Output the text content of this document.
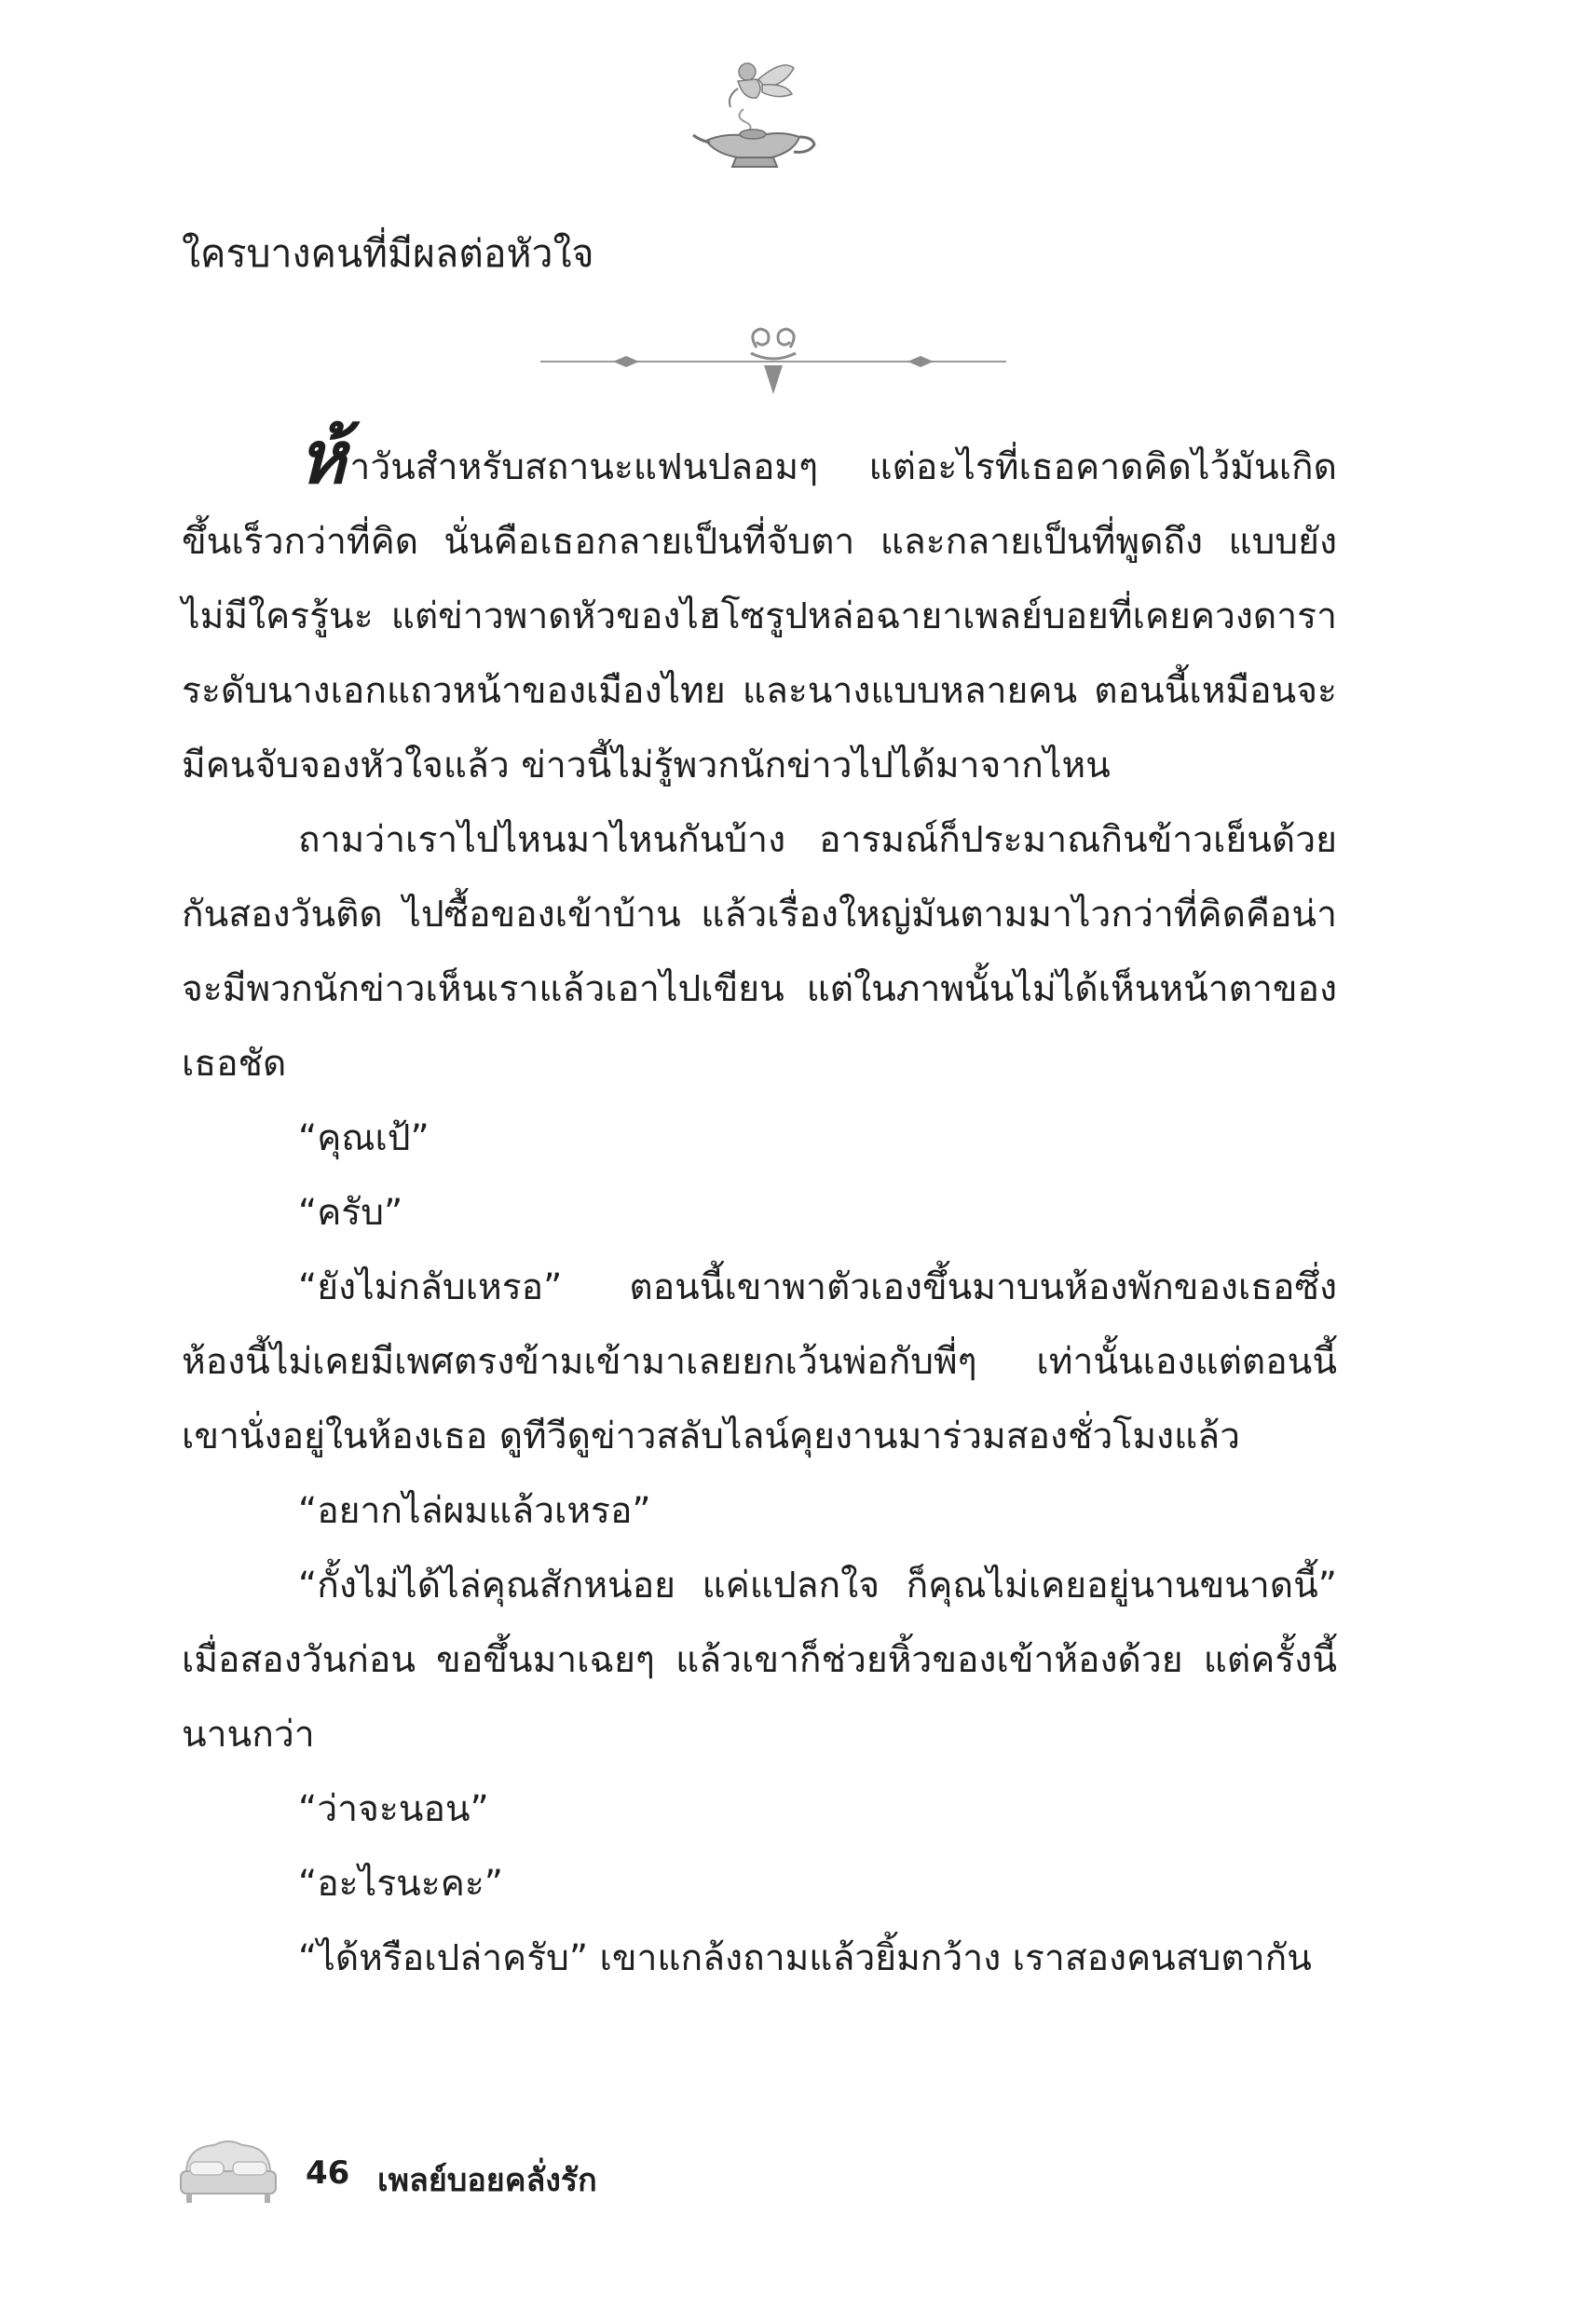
ใครบางคนที่มีผลต่อหัวใจ

ห้าวันสำหรับสถานะแฟนปลอมๆ แต่อะไรที่เธอคาดคิดไว้มันเกิดขึ้นเร็วกว่าที่คิด นั่นคือเธอกลายเป็นที่จับตา และกลายเป็นที่พูดถึง แบบยังไม่มีใครรู้นะ แต่ข่าวพาดหัวของไฮโซรูปหล่อฉายาเพลย์บอยที่เคยควงดาราระดับนางเอกแถวหน้าของเมืองไทย และนางแบบหลายคน ตอนนี้เหมือนจะมีคนจับจองหัวใจแล้ว ข่าวนี้ไม่รู้พวกนักข่าวไปได้มาจากไหน

ถามว่าเราไปไหนมาไหนกันบ้าง อารมณ์ก็ประมาณกินข้าวเย็นด้วยกันสองวันติด ไปซื้อของเข้าบ้าน แล้วเรื่องใหญ่มันตามมาไวกว่าที่คิดคือน่าจะมีพวกนักข่าวเห็นเราแล้วเอาไปเขียน แต่ในภาพนั้นไม่ได้เห็นหน้าตาของเธอชัด

“คุณเป้”

“ครับ”

“ยังไม่กลับเหรอ” ตอนนี้เขาพาตัวเองขึ้นมาบนห้องพักของเธอซึ่งห้องนี้ไม่เคยมีเพศตรงข้ามเข้ามาเลยยกเว้นพ่อกับพี่ๆ เท่านั้นเองแต่ตอนนี้เขานั่งอยู่ในห้องเธอ ดูทีวีดูข่าวสลับไลน์คุยงานมาร่วมสองชั่วโมงแล้ว

“อยากไล่ผมแล้วเหรอ”

“กั้งไม่ได้ไล่คุณสักหน่อย แค่แปลกใจ ก็คุณไม่เคยอยู่นานขนาดนี้” เมื่อสองวันก่อน ขอขึ้นมาเฉยๆ แล้วเขาก็ช่วยหิ้วของเข้าห้องด้วย แต่ครั้งนี้นานกว่า

“ว่าจะนอน”

“อะไรนะคะ”

“ได้หรือเปล่าครับ” เขาแกล้งถามแล้วยิ้มกว้าง เราสองคนสบตากัน

46 เพลย์บอยคลั่งรัก
